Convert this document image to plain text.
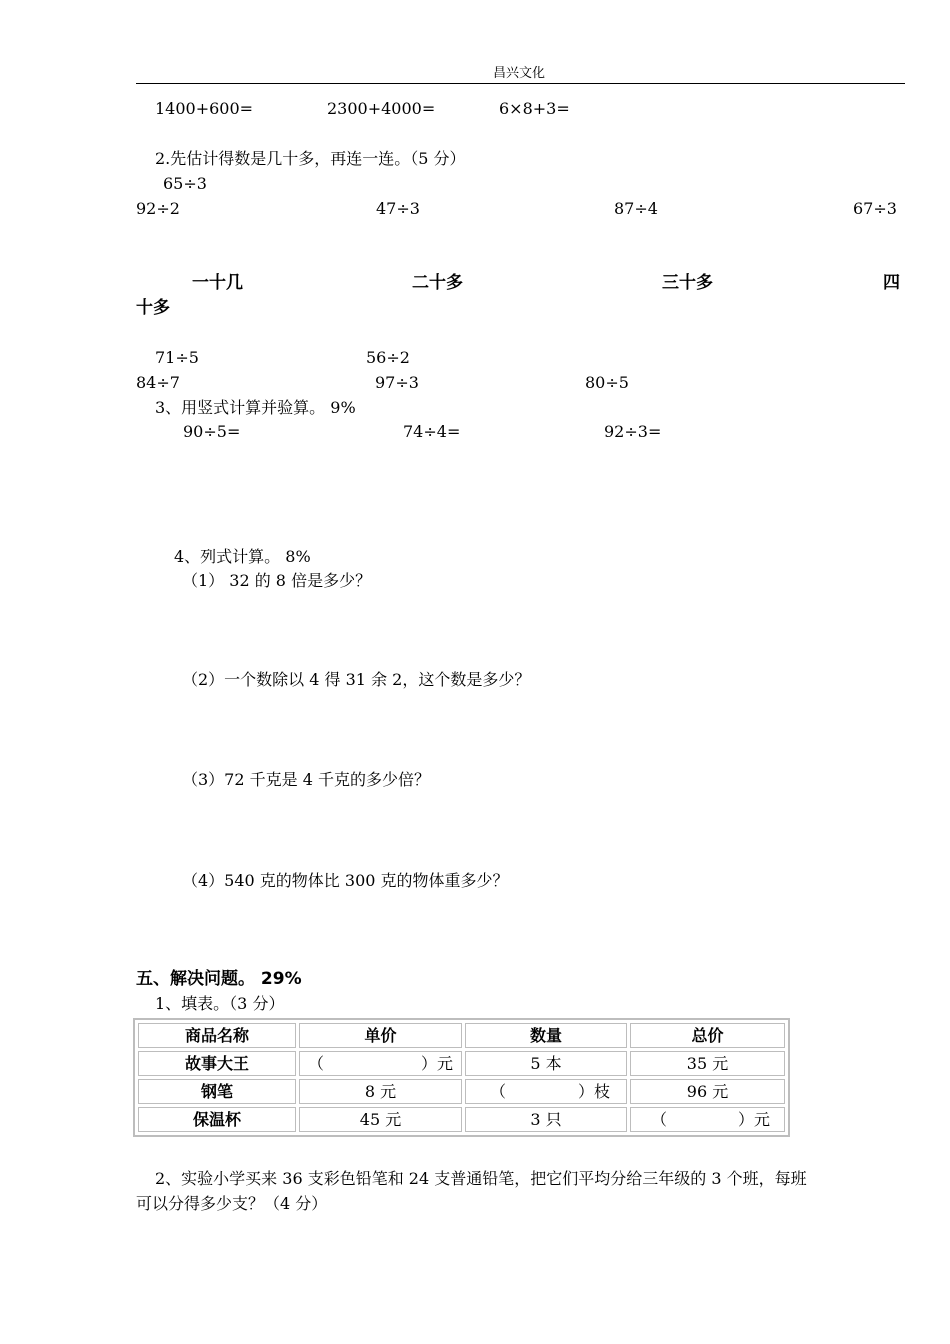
昌兴文化
1400+600=	2300+4000=	6×8+3=
2.先估计得数是几十多，再连一连。（5 分）
65÷3
92÷2	47÷3	87÷4	67÷3
一十几	二十多	三十多	四
十多
71÷5	56÷2
84÷7	97÷3	80÷5
3、用竖式计算并验算。 9%
90÷5=	74÷4=	92÷3=
4、列式计算。 8%
（1） 32 的 8 倍是多少？
（2）一个数除以 4 得 31 余 2，这个数是多少？
（3）72 千克是 4 千克的多少倍？
（4）540 克的物体比 300 克的物体重多少？
五、解决问题。 29%
1、填表。（3 分）
商品名称	单价	数量	总价
故事大王	（ ）元	5 本	35 元
钢笔	8 元	（ ）枝	96 元
保温杯	45 元	3 只	（ ）元
2、实验小学买来 36 支彩色铅笔和 24 支普通铅笔，把它们平均分给三年级的 3 个班，每班
可以分得多少支？（4 分）
